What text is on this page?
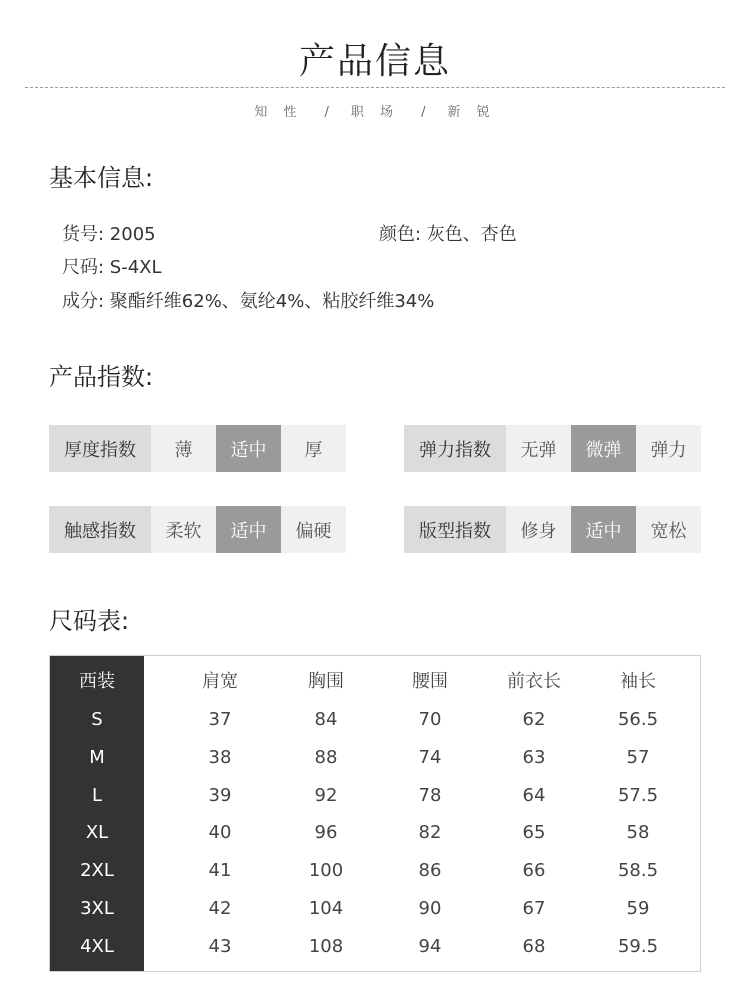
产品信息
知 性 / 职 场 / 新 锐
基本信息:
货号: 2005	颜色: 灰色、杏色
尺码: S-4XL
成分: 聚酯纤维62%、氨纶4%、粘胶纤维34%
产品指数:
厚度指数	薄	适中	厚	弹力指数	无弹	微弹	弹力
触感指数	柔软	适中	偏硬	版型指数	修身	适中	宽松
尺码表:
西装	肩宽	胸围	腰围	前衣长	袖长
S	37	84	70	62	56.5
M	38	88	74	63	57
L	39	92	78	64	57.5
XL	40	96	82	65	58
2XL	41	100	86	66	58.5
3XL	42	104	90	67	59
4XL	43	108	94	68	59.5
